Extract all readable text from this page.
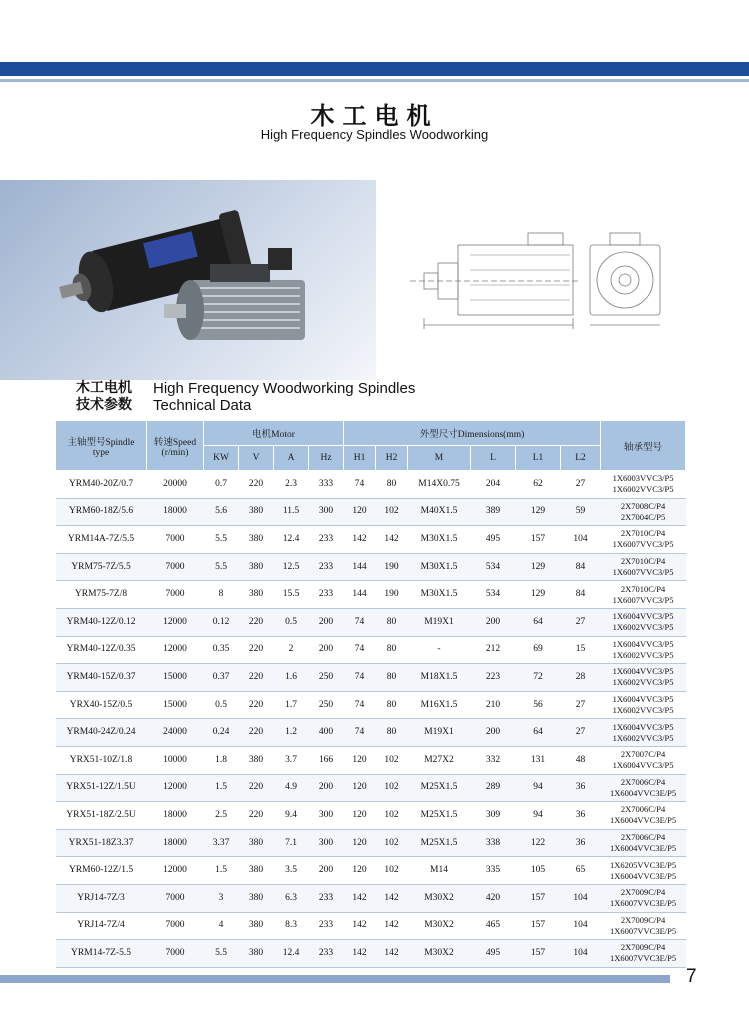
木工电机
High Frequency Spindles Woodworking
木工电机
技术参数
High Frequency Woodworking Spindles
Technical Data
主轴型号Spindle
type	转速Speed
(r/min)	电机Motor				外型尺寸Dimensions(mm)						轴承型号
		KW	V	A	Hz	H1	H2	M	L	L1	L2	
YRM40-20Z/0.7	20000	0.7	220	2.3	333	74	80	M14X0.75	204	62	27	1X6003VVC3/P5
1X6002VVC3/P5

YRM60-18Z/5.6	18000	5.6	380	11.5	300	120	102	M40X1.5	389	129	59	2X7008C/P4
2X7004C/P5

YRM14A-7Z/5.5	7000	5.5	380	12.4	233	142	142	M30X1.5	495	157	104	2X7010C/P4
1X6007VVC3/P5

YRM75-7Z/5.5	7000	5.5	380	12.5	233	144	190	M30X1.5	534	129	84	2X7010C/P4
1X6007VVC3/P5

YRM75-7Z/8	7000	8	380	15.5	233	144	190	M30X1.5	534	129	84	2X7010C/P4
1X6007VVC3/P5

YRM40-12Z/0.12	12000	0.12	220	0.5	200	74	80	M19X1	200	64	27	1X6004VVC3/P5
1X6002VVC3/P5

YRM40-12Z/0.35	12000	0.35	220	2	200	74	80	-	212	69	15	1X6004VVC3/P5
1X6002VVC3/P5

YRM40-15Z/0.37	15000	0.37	220	1.6	250	74	80	M18X1.5	223	72	28	1X6004VVC3/P5
1X6002VVC3/P5

YRX40-15Z/0.5	15000	0.5	220	1.7	250	74	80	M16X1.5	210	56	27	1X6004VVC3/P5
1X6002VVC3/P5

YRM40-24Z/0.24	24000	0.24	220	1.2	400	74	80	M19X1	200	64	27	1X6004VVC3/P5
1X6002VVC3/P5

YRX51-10Z/1.8	10000	1.8	380	3.7	166	120	102	M27X2	332	131	48	2X7007C/P4
1X6004VVC3/P5

YRX51-12Z/1.5U	12000	1.5	220	4.9	200	120	102	M25X1.5	289	94	36	2X7006C/P4
1X6004VVC3E/P5

YRX51-18Z/2.5U	18000	2.5	220	9.4	300	120	102	M25X1.5	309	94	36	2X7006C/P4
1X6004VVC3E/P5

YRX51-18Z3.37	18000	3.37	380	7.1	300	120	102	M25X1.5	338	122	36	2X7006C/P4
1X6004VVC3E/P5

YRM60-12Z/1.5	12000	1.5	380	3.5	200	120	102	M14	335	105	65	1X6205VVC3E/P5
1X6004VVC3E/P5

YRJ14-7Z/3	7000	3	380	6.3	233	142	142	M30X2	420	157	104	2X7009C/P4
1X6007VVC3E/P5

YRJ14-7Z/4	7000	4	380	8.3	233	142	142	M30X2	465	157	104	2X7009C/P4
1X6007VVC3E/P5

YRM14-7Z-5.5	7000	5.5	380	12.4	233	142	142	M30X2	495	157	104	2X7009C/P4
1X6007VVC3E/P5
7
